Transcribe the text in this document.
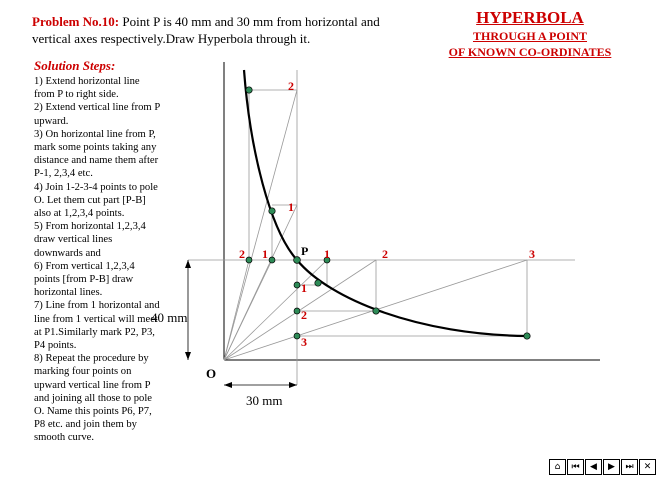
Problem No.10: Point P is 40 mm and 30 mm from horizontal and vertical axes respectively.Draw Hyperbola through it.
HYPERBOLA
THROUGH A POINT
OF KNOWN CO-ORDINATES
Solution Steps:

1) Extend horizontal line from P to right side.

2) Extend vertical line from P upward.

3) On horizontal line from P, mark some points taking any distance and name them after P-1, 2,3,4 etc.

4) Join 1-2-3-4 points to pole O. Let them cut part [P-B] also at 1,2,3,4 points.

5) From horizontal 1,2,3,4 draw vertical lines downwards and

6) From vertical 1,2,3,4 points [from P-B] draw horizontal lines.

7) Line from 1 horizontal and line from 1 vertical will meet at P1.Similarly mark P2, P3, P4 points.

8) Repeat the procedure by marking four points on upward vertical line from P and joining all those to pole O. Name this points P6, P7, P8 etc. and join them by smooth curve.

40 mm
30 mm
O
P 1	2	3
1
2
3
2 1
2
1
⌂	⏮	◀	▶	⏭	✕
